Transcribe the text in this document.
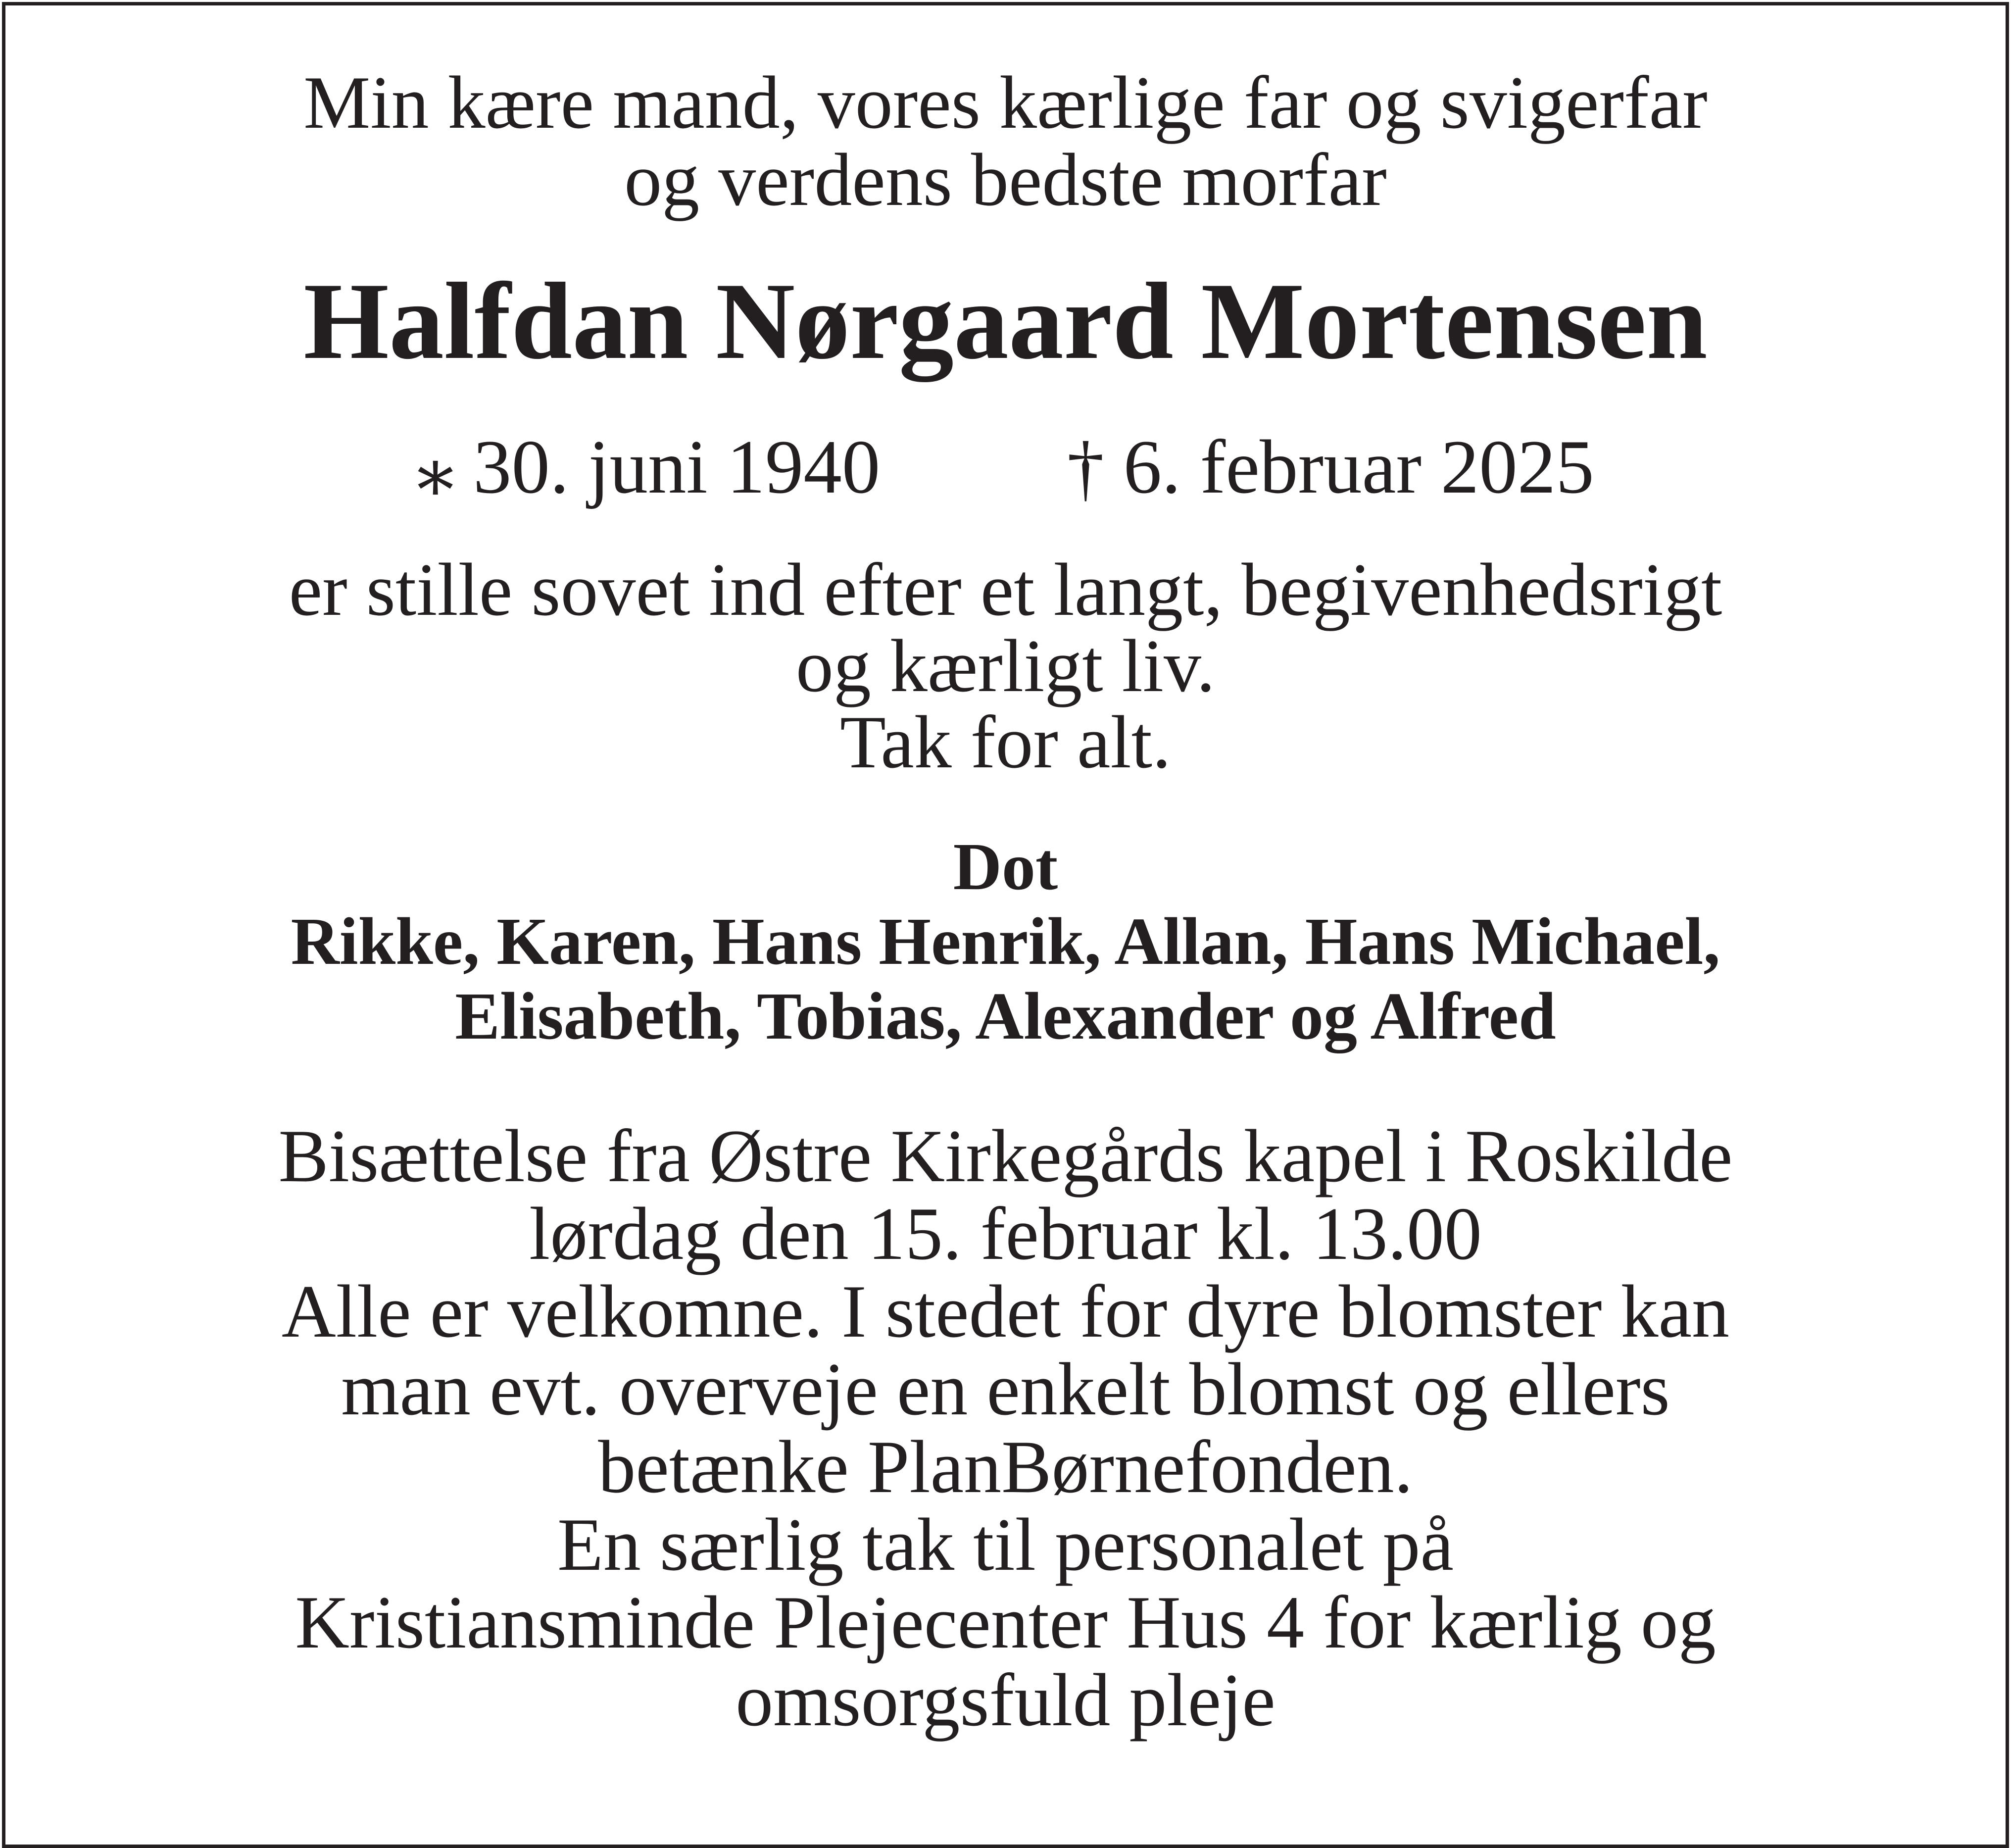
Min kære mand, vores kærlige far og svigerfar
og verdens bedste morfar
Halfdan Nørgaard Mortensen
⁎ 30. juni 1940	† 6. februar 2025
er stille sovet ind efter et langt, begivenhedsrigt
og kærligt liv.
Tak for alt.
Dot
Rikke, Karen, Hans Henrik, Allan, Hans Michael,
Elisabeth, Tobias, Alexander og Alfred
Bisættelse fra Østre Kirkegårds kapel i Roskilde
lørdag den 15. februar kl. 13.00
Alle er velkomne. I stedet for dyre blomster kan
man evt. overveje en enkelt blomst og ellers
betænke PlanBørnefonden.
En særlig tak til personalet på
Kristiansminde Plejecenter Hus 4 for kærlig og
omsorgsfuld pleje
